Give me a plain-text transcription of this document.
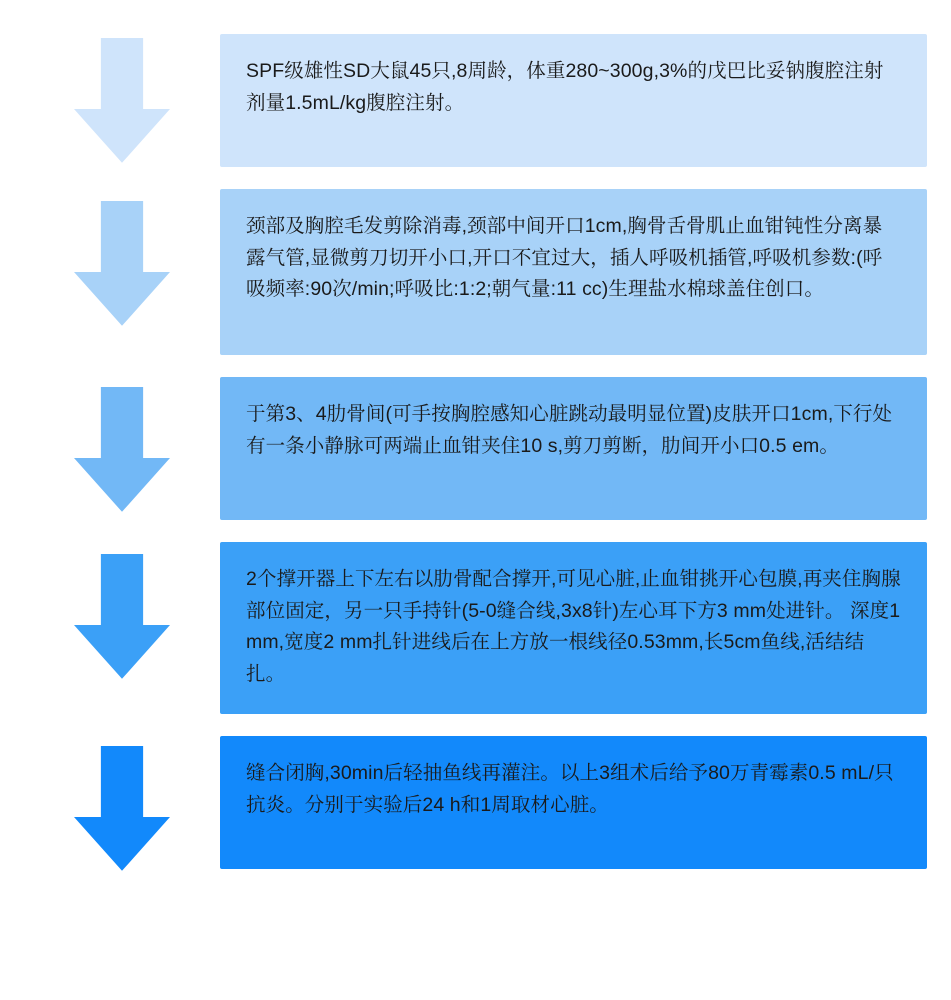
SPF级雄性SD大鼠45只,8周龄，体重280~300g,3%的戊巴比妥钠腹腔注射剂量1.5mL/kg腹腔注射。
颈部及胸腔毛发剪除消毒,颈部中间开口1cm,胸骨舌骨肌止血钳钝性分离暴露气管,显微剪刀切开小口,开口不宜过大，插人呼吸机插管,呼吸机参数:(呼吸频率:90次/min;呼吸比:1:2;朝气量:11 cc)生理盐水棉球盖住创口。
于第3、4肋骨间(可手按胸腔感知心脏跳动最明显位置)皮肤开口1cm,下行处有一条小静脉可两端止血钳夹住10 s,剪刀剪断，肋间开小口0.5 em。
2个撑开器上下左右以肋骨配合撑开,可见心脏,止血钳挑开心包膜,再夹住胸腺部位固定，另一只手持针(5-0缝合线,3x8针)左心耳下方3 mm处进针。 深度1 mm,宽度2 mm扎针进线后在上方放一根线径0.53mm,长5cm鱼线,活结结扎。
缝合闭胸,30min后轻抽鱼线再灌注。以上3组术后给予80万青霉素0.5 mL/只抗炎。分别于实验后24 h和1周取材心脏。
